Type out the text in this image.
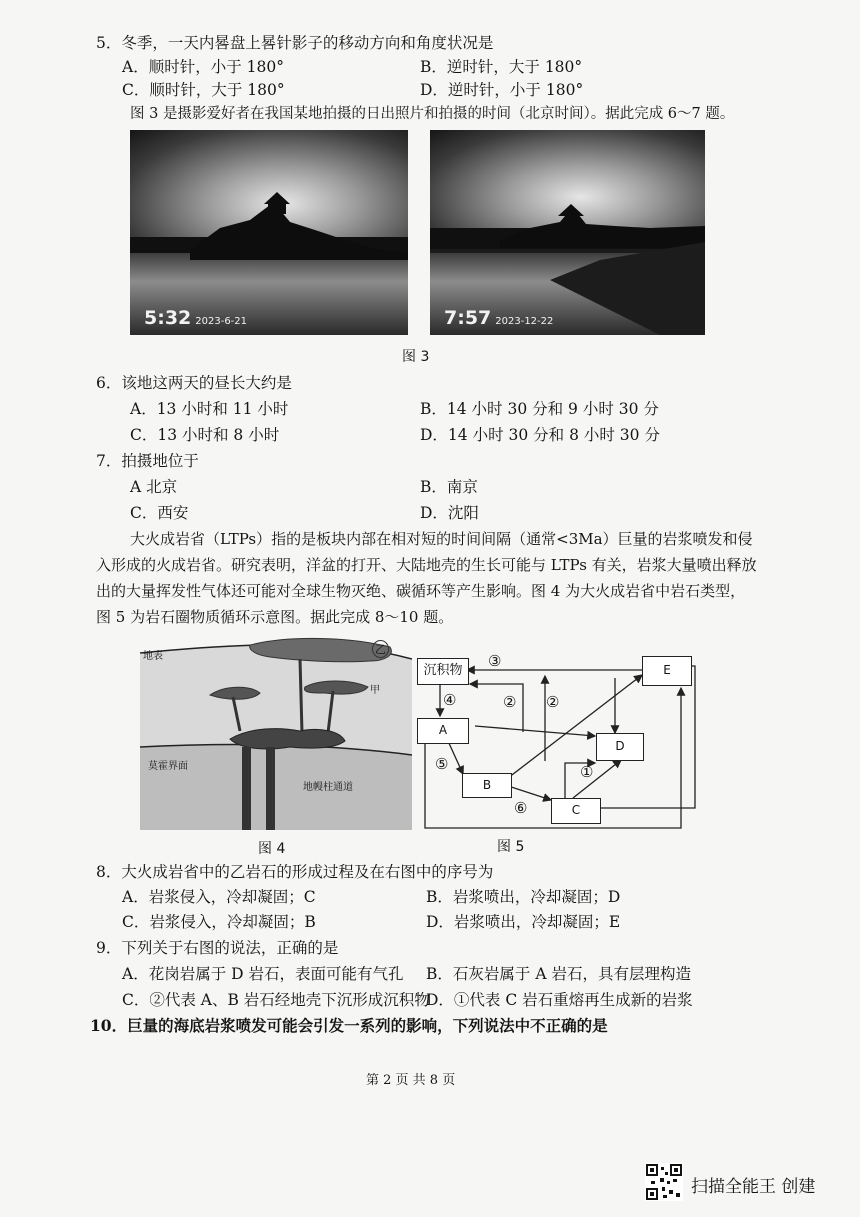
5．冬季，一天内晷盘上晷针影子的移动方向和角度状况是
A．顺时针，小于 180°	B．逆时针，大于 180°
C．顺时针，大于 180°	D．逆时针，小于 180°
图 3 是摄影爱好者在我国某地拍摄的日出照片和拍摄的时间（北京时间）。据此完成 6～7 题。
5:32 2023-6-21	7:57 2023-12-22
图 3
6．该地这两天的昼长大约是
A．13 小时和 11 小时	B．14 小时 30 分和 9 小时 30 分
C．13 小时和 8 小时	D．14 小时 30 分和 8 小时 30 分
7．拍摄地位于
A 北京	B．南京
C．西安	D．沈阳
大火成岩省（LTPs）指的是板块内部在相对短的时间间隔（通常<3Ma）巨量的岩浆喷发和侵
入形成的火成岩省。研究表明，洋盆的打开、大陆地壳的生长可能与 LTPs 有关，岩浆大量喷出释放
出的大量挥发性气体还可能对全球生物灭绝、碳循环等产生影响。图 4 为大火成岩省中岩石类型，
图 5 为岩石圈物质循环示意图。据此完成 8～10 题。
地表
乙
甲
莫霍界面
地幔柱通道
图 4
沉积物
A
B
C
D
E
③
④	② ②
⑤	①
⑥
图 5
8．大火成岩省中的乙岩石的形成过程及在右图中的序号为
A．岩浆侵入，冷却凝固；C	B．岩浆喷出，冷却凝固；D
C．岩浆侵入，冷却凝固；B	D．岩浆喷出，冷却凝固；E
9．下列关于右图的说法，正确的是
A．花岗岩属于 D 岩石，表面可能有气孔 B．石灰岩属于 A 岩石，具有层理构造
C．②代表 A、B 岩石经地壳下沉形成沉积物
D．①代表 C 岩石重熔再生成新的岩浆
10．巨量的海底岩浆喷发可能会引发一系列的影响，下列说法中不正确的是
第 2 页 共 8 页
扫描全能王 创建
